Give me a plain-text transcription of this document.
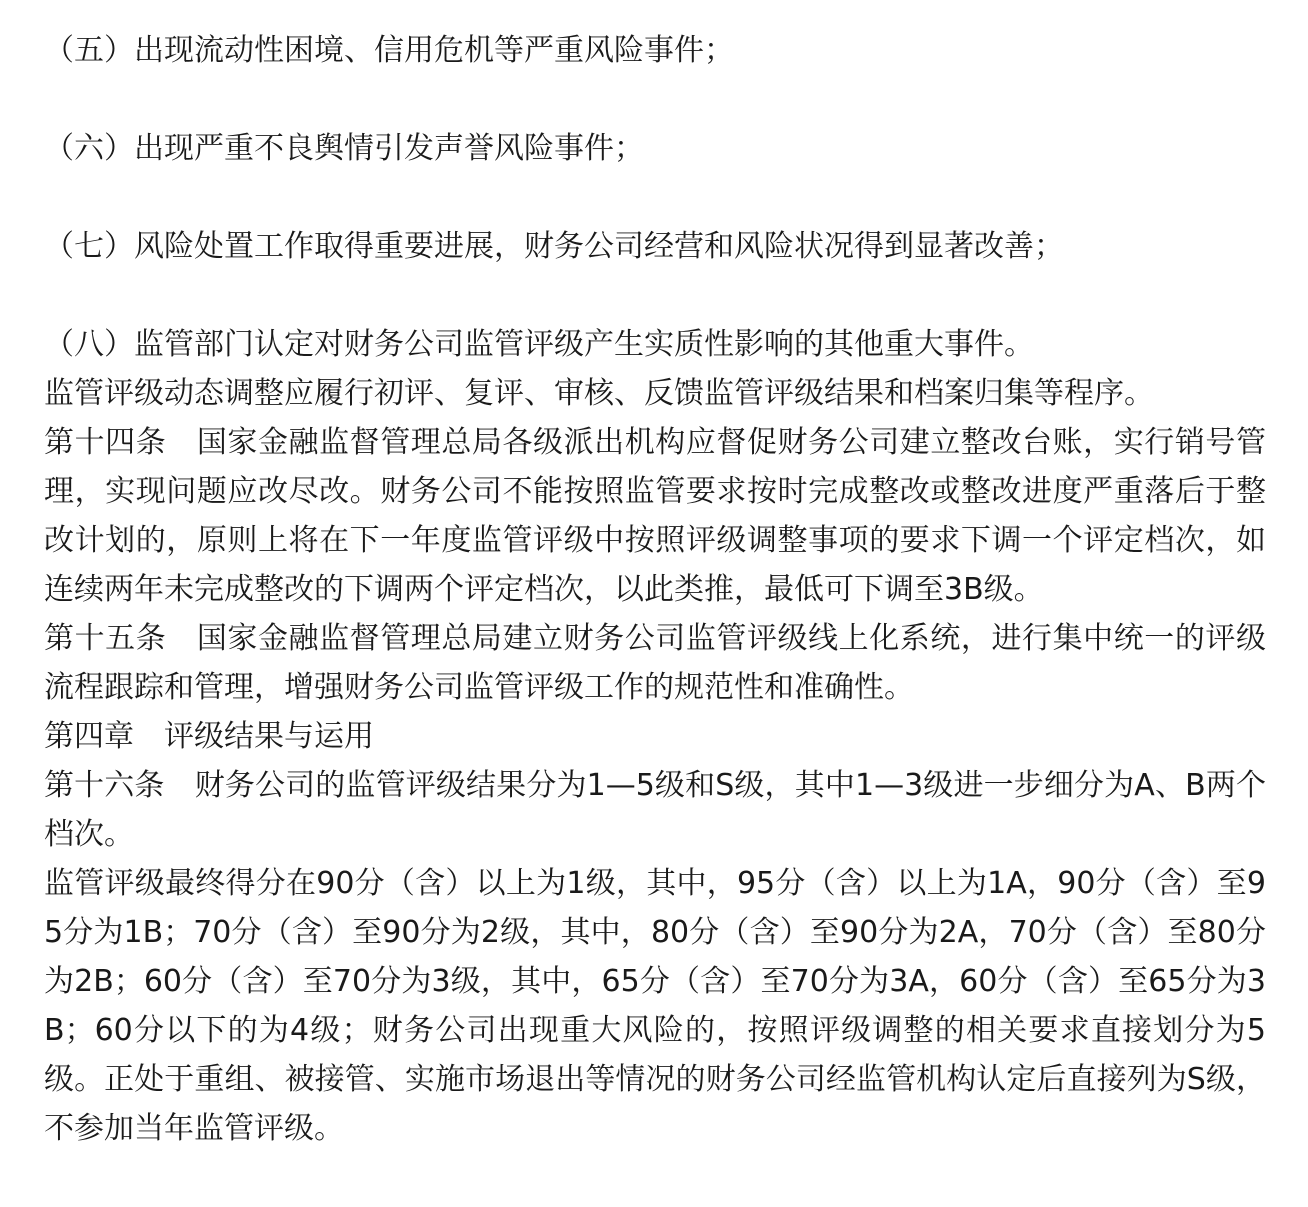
（五）出现流动性困境、信用危机等严重风险事件；

（六）出现严重不良舆情引发声誉风险事件；

（七）风险处置工作取得重要进展，财务公司经营和风险状况得到显著改善；

（八）监管部门认定对财务公司监管评级产生实质性影响的其他重大事件。

监管评级动态调整应履行初评、复评、审核、反馈监管评级结果和档案归集等程序。

第十四条　国家金融监督管理总局各级派出机构应督促财务公司建立整改台账，实行销号管理，实现问题应改尽改。财务公司不能按照监管要求按时完成整改或整改进度严重落后于整改计划的，原则上将在下一年度监管评级中按照评级调整事项的要求下调一个评定档次，如连续两年未完成整改的下调两个评定档次，以此类推，最低可下调至3B级。

第十五条　国家金融监督管理总局建立财务公司监管评级线上化系统，进行集中统一的评级流程跟踪和管理，增强财务公司监管评级工作的规范性和准确性。

第四章　评级结果与运用

第十六条　财务公司的监管评级结果分为1—5级和S级，其中1—3级进一步细分为A、B两个档次。

监管评级最终得分在90分（含）以上为1级，其中，95分（含）以上为1A，90分（含）至95分为1B；70分（含）至90分为2级，其中，80分（含）至90分为2A，70分（含）至80分为2B；60分（含）至70分为3级，其中，65分（含）至70分为3A，60分（含）至65分为3B；60分以下的为4级；财务公司出现重大风险的，按照评级调整的相关要求直接划分为5级。正处于重组、被接管、实施市场退出等情况的财务公司经监管机构认定后直接列为S级，不参加当年监管评级。
